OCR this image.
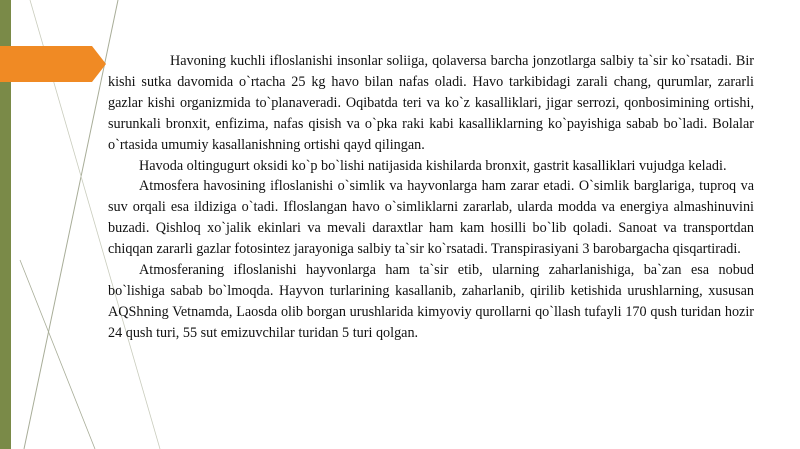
Havoning kuchli ifloslanishi insonlar soliiga, qolaversa barcha jonzotlarga salbiy ta`sir ko`rsatadi. Bir kishi sutka davomida o`rtacha 25 kg havo bilan nafas oladi. Havo tarkibidagi zarali chang, qurumlar, zararli gazlar kishi organizmida to`planaveradi. Oqibatda teri va ko`z kasalliklari, jigar serrozi, qonbosimining ortishi, surunkali bronxit, enfizima, nafas qisish va o`pka raki kabi kasalliklarning ko`payishiga sabab bo`ladi. Bolalar o`rtasida umumiy kasallanishning ortishi qayd qilingan.

Havoda oltingugurt oksidi ko`p bo`lishi natijasida kishilarda bronxit, gastrit kasalliklari vujudga keladi.

Atmosfera havosining ifloslanishi o`simlik va hayvonlarga ham zarar etadi. O`simlik barglariga, tuproq va suv orqali esa ildiziga o`tadi. Ifloslangan havo o`simliklarni zararlab, ularda modda va energiya almashinuvini buzadi. Qishloq xo`jalik ekinlari va mevali daraxtlar ham kam hosilli bo`lib qoladi. Sanoat va transportdan chiqqan zararli gazlar fotosintez jarayoniga salbiy ta`sir ko`rsatadi. Transpirasiyani 3 barobargacha qisqartiradi.

Atmosferaning ifloslanishi hayvonlarga ham ta`sir etib, ularning zaharlanishiga, ba`zan esa nobud bo`lishiga sabab bo`lmoqda. Hayvon turlarining kasallanib, zaharlanib, qirilib ketishida urushlarning, xususan AQShning Vetnamda, Laosda olib borgan urushlarida kimyoviy qurollarni qo`llash tufayli 170 qush turidan hozir 24 qush turi, 55 sut emizuvchilar turidan 5 turi qolgan.
